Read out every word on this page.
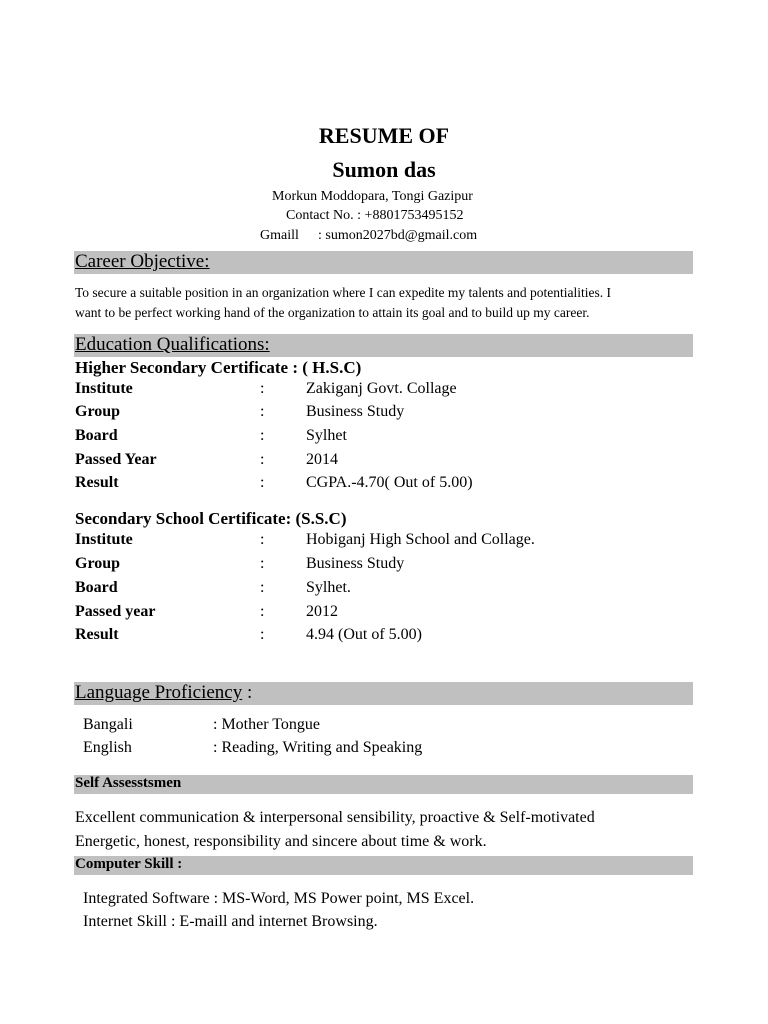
RESUME OF
Sumon das
Morkun Moddopara, Tongi Gazipur
Contact No. : +8801753495152
Gmaill : sumon2027bd@gmail.com
Career Objective:
To secure a suitable position in an organization where I can expedite my talents and potentialities. I
want to be perfect working hand of the organization to attain its goal and to build up my career.
Education Qualifications:
Higher Secondary Certificate : ( H.S.C)
Institute	:	Zakiganj Govt. Collage
Group	:	Business Study
Board	:	Sylhet
Passed Year	:	2014
Result	:	CGPA.-4.70( Out of 5.00)
Secondary School Certificate: (S.S.C)
Institute	:	Hobiganj High School and Collage.
Group	:	Business Study
Board	:	Sylhet.
Passed year	:	2012
Result	:	4.94 (Out of 5.00)
Language Proficiency :
Bangali	: Mother Tongue
English	: Reading, Writing and Speaking
Self Assesstsmen
Excellent communication & interpersonal sensibility, proactive & Self-motivated
Energetic, honest, responsibility and sincere about time & work.
Computer Skill :
Integrated Software : MS-Word, MS Power point, MS Excel.
Internet Skill : E-maill and internet Browsing.
